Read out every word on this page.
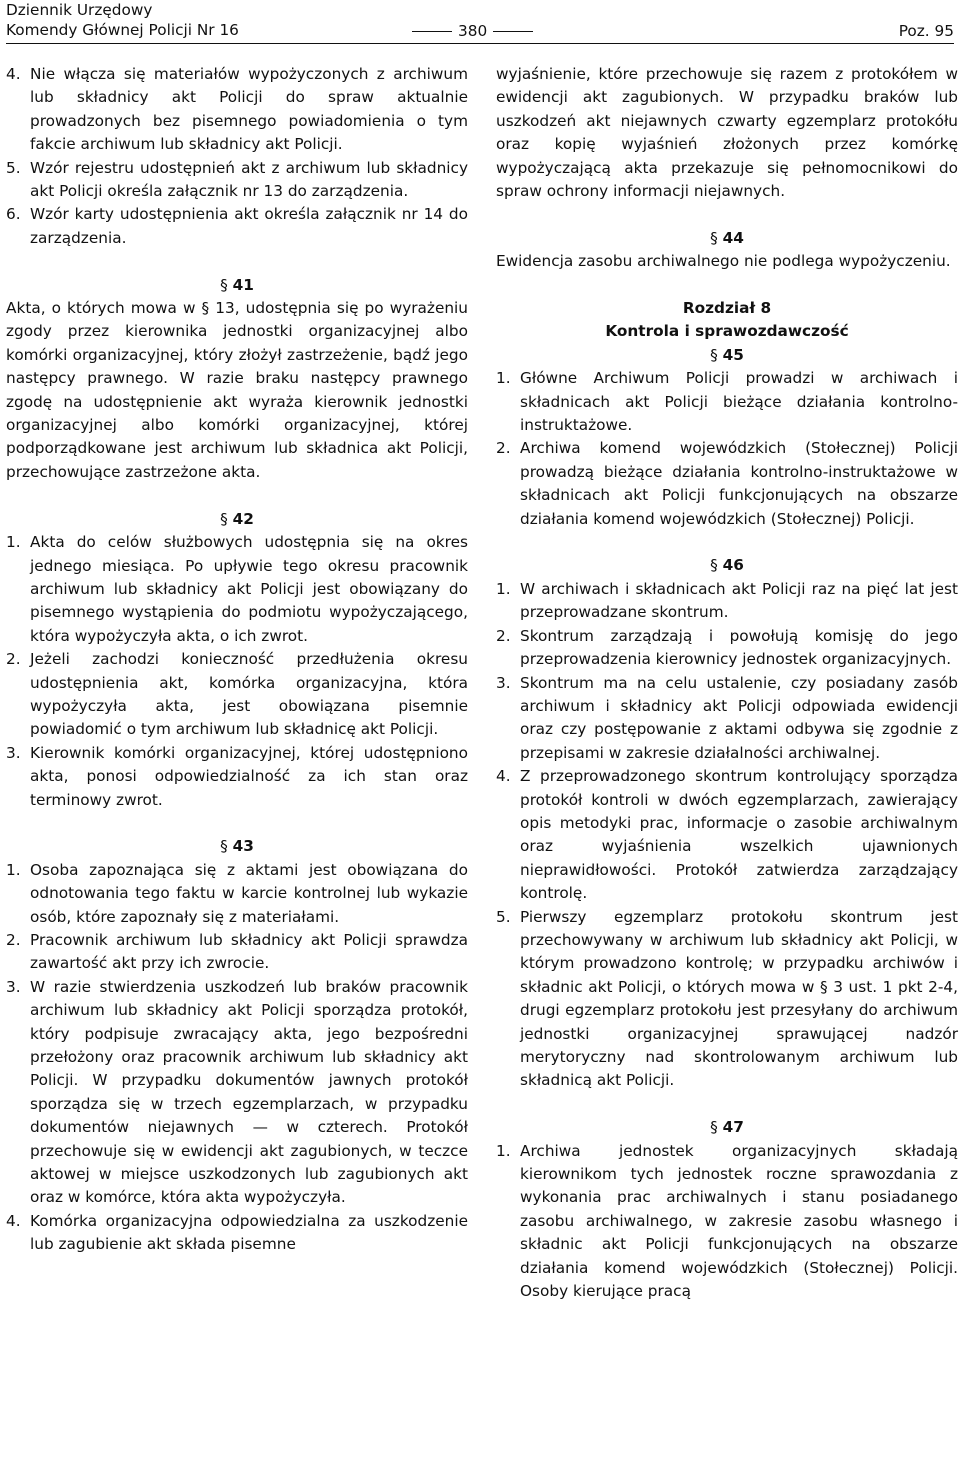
Dziennik Urzędowy
Komendy Głównej Policji Nr 16	380	Poz. 95
4. Nie włącza się materiałów wypożyczonych z archiwum lub składnicy akt Policji do spraw aktualnie prowadzonych bez pisemnego powiadomienia o tym fakcie archiwum lub składnicy akt Policji.
5. Wzór rejestru udostępnień akt z archiwum lub składnicy akt Policji określa załącznik nr 13 do zarządzenia.
6. Wzór karty udostępnienia akt określa załącznik nr 14 do zarządzenia.
§ 41

Akta, o których mowa w § 13, udostępnia się po wyrażeniu zgody przez kierownika jednostki organizacyjnej albo komórki organizacyjnej, który złożył zastrzeżenie, bądź jego następcy prawnego. W razie braku następcy prawnego zgodę na udostępnienie akt wyraża kierownik jednostki organizacyjnej albo komórki organizacyjnej, której podporządkowane jest archiwum lub składnica akt Policji, przechowujące zastrzeżone akta.

§ 42
1. Akta do celów służbowych udostępnia się na okres jednego miesiąca. Po upływie tego okresu pracownik archiwum lub składnicy akt Policji jest obowiązany do pisemnego wystąpienia do podmiotu wypożyczającego, która wypożyczyła akta, o ich zwrot.
2. Jeżeli zachodzi konieczność przedłużenia okresu udostępnienia akt, komórka organizacyjna, która wypożyczyła akta, jest obowiązana pisemnie powiadomić o tym archiwum lub składnicę akt Policji.
3. Kierownik komórki organizacyjnej, której udostępniono akta, ponosi odpowiedzialność za ich stan oraz terminowy zwrot.
§ 43
1. Osoba zapoznająca się z aktami jest obowiązana do odnotowania tego faktu w karcie kontrolnej lub wykazie osób, które zapoznały się z materiałami.
2. Pracownik archiwum lub składnicy akt Policji sprawdza zawartość akt przy ich zwrocie.
3. W razie stwierdzenia uszkodzeń lub braków pracownik archiwum lub składnicy akt Policji sporządza protokół, który podpisuje zwracający akta, jego bezpośredni przełożony oraz pracownik archiwum lub składnicy akt Policji. W przypadku dokumentów jawnych protokół sporządza się w trzech egzemplarzach, w przypadku dokumentów niejawnych — w czterech. Protokół przechowuje się w ewidencji akt zagubionych, w teczce aktowej w miejsce uszkodzonych lub zagubionych akt oraz w komórce, która akta wypożyczyła.
4. Komórka organizacyjna odpowiedzialna za uszkodzenie lub zagubienie akt składa pisemne

wyjaśnienie, które przechowuje się razem z protokółem w ewidencji akt zagubionych. W przypadku braków lub uszkodzeń akt niejawnych czwarty egzemplarz protokółu oraz kopię wyjaśnień złożonych przez komórkę wypożyczającą akta przekazuje się pełnomocnikowi do spraw ochrony informacji niejawnych.

§ 44

Ewidencja zasobu archiwalnego nie podlega wypożyczeniu.

Rozdział 8
Kontrola i sprawozdawczość
§ 45
1. Główne Archiwum Policji prowadzi w archiwach i składnicach akt Policji bieżące działania kontrolno-instruktażowe.
2. Archiwa komend wojewódzkich (Stołecznej) Policji prowadzą bieżące działania kontrolno-instruktażowe w składnicach akt Policji funkcjonujących na obszarze działania komend wojewódzkich (Stołecznej) Policji.
§ 46
1. W archiwach i składnicach akt Policji raz na pięć lat jest przeprowadzane skontrum.
2. Skontrum zarządzają i powołują komisję do jego przeprowadzenia kierownicy jednostek organizacyjnych.
3. Skontrum ma na celu ustalenie, czy posiadany zasób archiwum i składnicy akt Policji odpowiada ewidencji oraz czy postępowanie z aktami odbywa się zgodnie z przepisami w zakresie działalności archiwalnej.
4. Z przeprowadzonego skontrum kontrolujący sporządza protokół kontroli w dwóch egzemplarzach, zawierający opis metodyki prac, informacje o zasobie archiwalnym oraz wyjaśnienia wszelkich ujawnionych nieprawidłowości. Protokół zatwierdza zarządzający kontrolę.
5. Pierwszy egzemplarz protokołu skontrum jest przechowywany w archiwum lub składnicy akt Policji, w którym prowadzono kontrolę; w przypadku archiwów i składnic akt Policji, o których mowa w § 3 ust. 1 pkt 2-4, drugi egzemplarz protokołu jest przesyłany do archiwum jednostki organizacyjnej sprawującej nadzór merytoryczny nad skontrolowanym archiwum lub składnicą akt Policji.
§ 47
1. Archiwa jednostek organizacyjnych składają kierownikom tych jednostek roczne sprawozdania z wykonania prac archiwalnych i stanu posiadanego zasobu archiwalnego, w zakresie zasobu własnego i składnic akt Policji funkcjonujących na obszarze działania komend wojewódzkich (Stołecznej) Policji. Osoby kierujące pracą
